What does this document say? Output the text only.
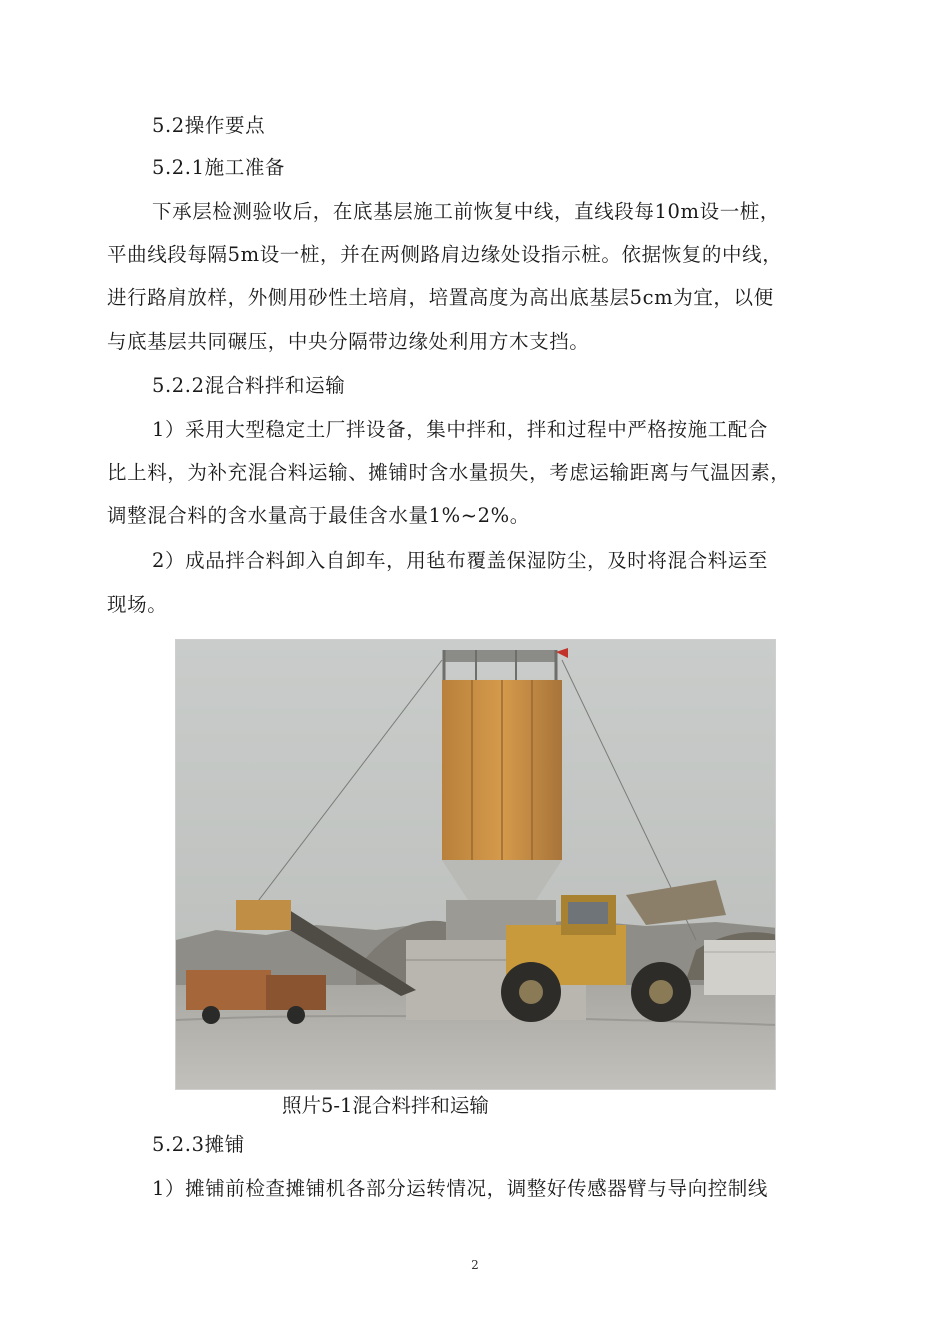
5.2操作要点
5.2.1施工准备
下承层检测验收后，在底基层施工前恢复中线，直线段每10m设一桩，
平曲线段每隔5m设一桩，并在两侧路肩边缘处设指示桩。依据恢复的中线，
进行路肩放样，外侧用砂性土培肩，培置高度为高出底基层5cm为宜，以便
与底基层共同碾压，中央分隔带边缘处利用方木支挡。
5.2.2混合料拌和运输
1）采用大型稳定土厂拌设备，集中拌和，拌和过程中严格按施工配合
比上料，为补充混合料运输、摊铺时含水量损失，考虑运输距离与气温因素，
调整混合料的含水量高于最佳含水量1%~2%。
2）成品拌合料卸入自卸车，用毡布覆盖保湿防尘，及时将混合料运至
现场。
照片5-1混合料拌和运输
5.2.3摊铺
1）摊铺前检查摊铺机各部分运转情况，调整好传感器臂与导向控制线
2
